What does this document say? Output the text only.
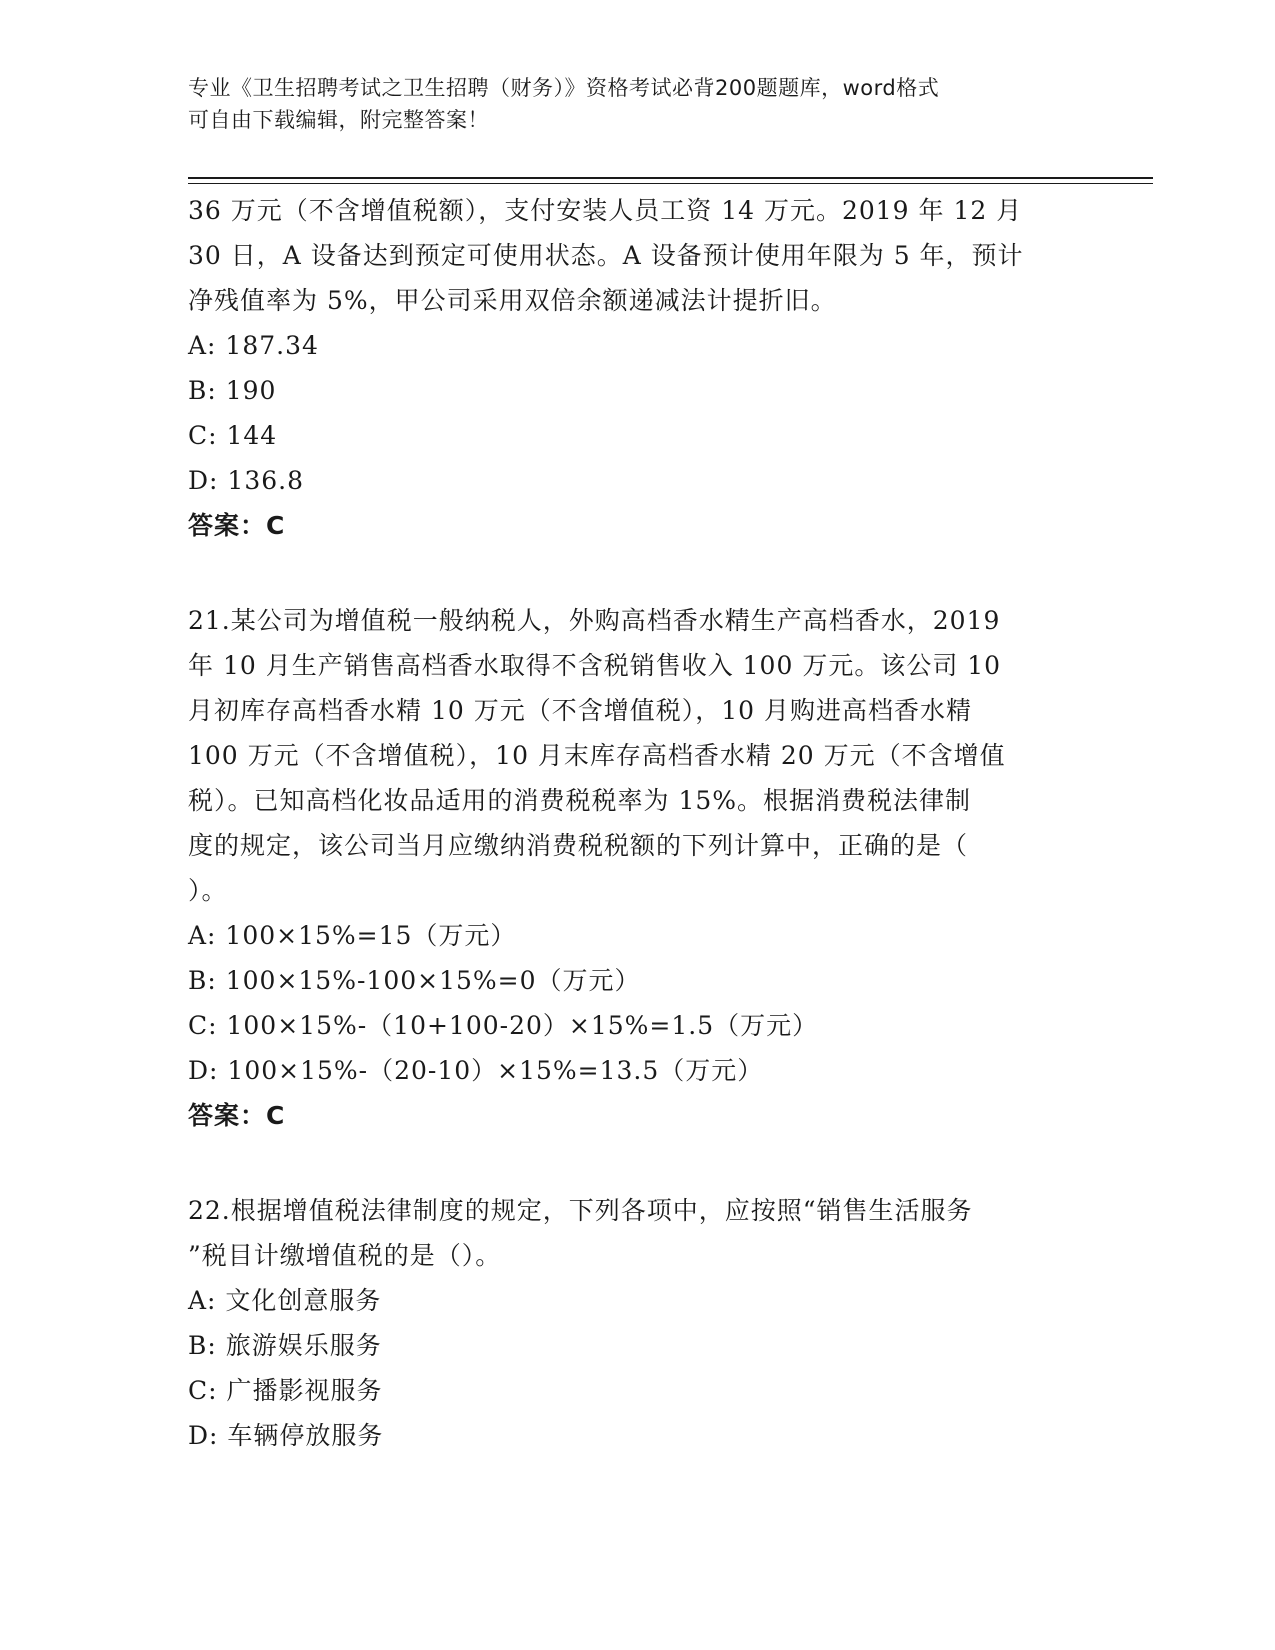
专业《卫生招聘考试之卫生招聘（财务）》资格考试必背200题题库，word格式
可自由下载编辑，附完整答案！
36 万元（不含增值税额），支付安装人员工资 14 万元。2019 年 12 月
30 日，A 设备达到预定可使用状态。A 设备预计使用年限为 5 年，预计
净残值率为 5%，甲公司采用双倍余额递减法计提折旧。
A: 187.34
B: 190
C: 144
D: 136.8
答案：C
21.某公司为增值税一般纳税人，外购高档香水精生产高档香水，2019
年 10 月生产销售高档香水取得不含税销售收入 100 万元。该公司 10
月初库存高档香水精 10 万元（不含增值税），10 月购进高档香水精
100 万元（不含增值税），10 月末库存高档香水精 20 万元（不含增值
税）。已知高档化妆品适用的消费税税率为 15%。根据消费税法律制
度的规定，该公司当月应缴纳消费税税额的下列计算中，正确的是（
）。
A: 100×15%=15（万元）
B: 100×15%-100×15%=0（万元）
C: 100×15%-（10+100-20）×15%=1.5（万元）
D: 100×15%-（20-10）×15%=13.5（万元）
答案：C
22.根据增值税法律制度的规定，下列各项中，应按照“销售生活服务
”税目计缴增值税的是（）。
A: 文化创意服务
B: 旅游娱乐服务
C: 广播影视服务
D: 车辆停放服务
